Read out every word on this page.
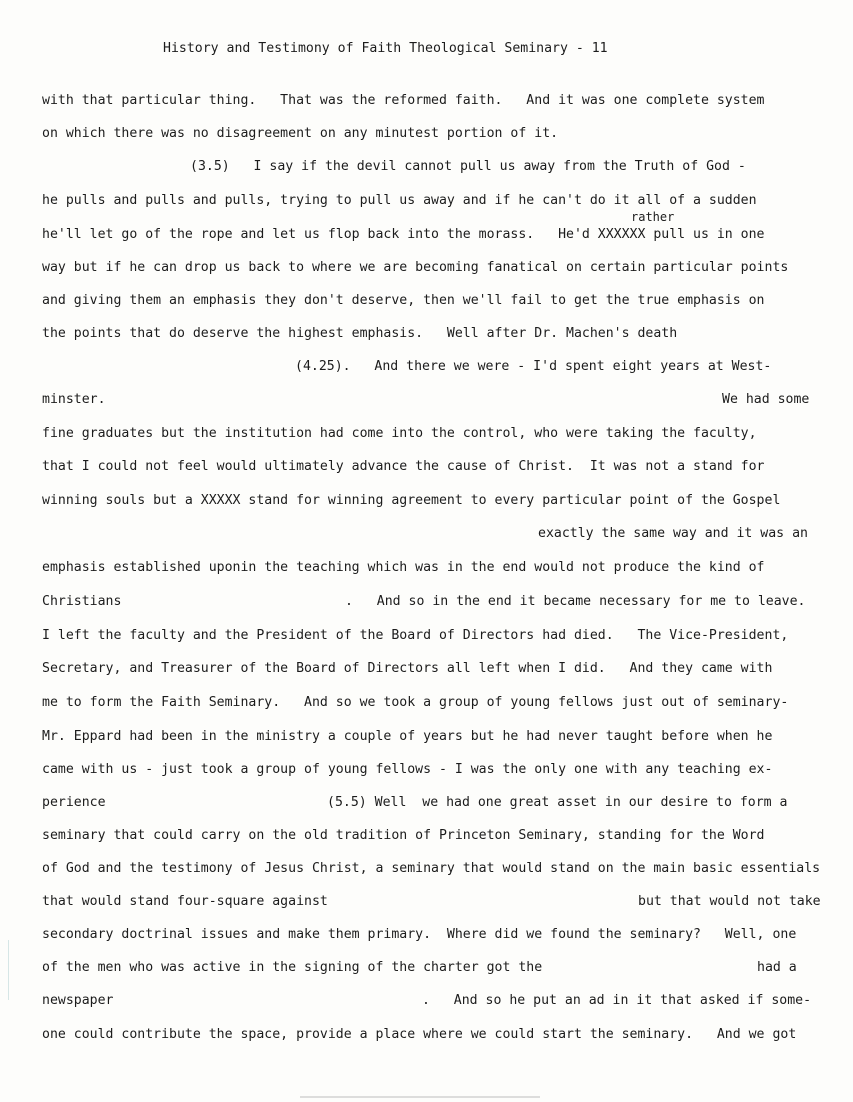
History and Testimony of Faith Theological Seminary - 11
with that particular thing.   That was the reformed faith.   And it was one complete system
on which there was no disagreement on any minutest portion of it.
(3.5)   I say if the devil cannot pull us away from the Truth of God -
he pulls and pulls and pulls, trying to pull us away and if he can't do it all of a sudden
rather
he'll let go of the rope and let us flop back into the morass.   He'd XXXXXX pull us in one
way but if he can drop us back to where we are becoming fanatical on certain particular points
and giving them an emphasis they don't deserve, then we'll fail to get the true emphasis on
the points that do deserve the highest emphasis.   Well after Dr. Machen's death
(4.25).   And there we were - I'd spent eight years at West-
minster.	We had some
fine graduates but the institution had come into the control, who were taking the faculty,
that I could not feel would ultimately advance the cause of Christ.  It was not a stand for
winning souls but a XXXXX stand for winning agreement to every particular point of the Gospel
exactly the same way and it was an
emphasis established uponin the teaching which was in the end would not produce the kind of
Christians	.   And so in the end it became necessary for me to leave.
I left the faculty and the President of the Board of Directors had died.   The Vice-President,
Secretary, and Treasurer of the Board of Directors all left when I did.   And they came with
me to form the Faith Seminary.   And so we took a group of young fellows just out of seminary-
Mr. Eppard had been in the ministry a couple of years but he had never taught before when he
came with us - just took a group of young fellows - I was the only one with any teaching ex-
perience	(5.5) Well  we had one great asset in our desire to form a
seminary that could carry on the old tradition of Princeton Seminary, standing for the Word
of God and the testimony of Jesus Christ, a seminary that would stand on the main basic essentials
that would stand four-square against	but that would not take
secondary doctrinal issues and make them primary.  Where did we found the seminary?   Well, one
of the men who was active in the signing of the charter got the	had a
newspaper	.   And so he put an ad in it that asked if some-
one could contribute the space, provide a place where we could start the seminary.   And we got
